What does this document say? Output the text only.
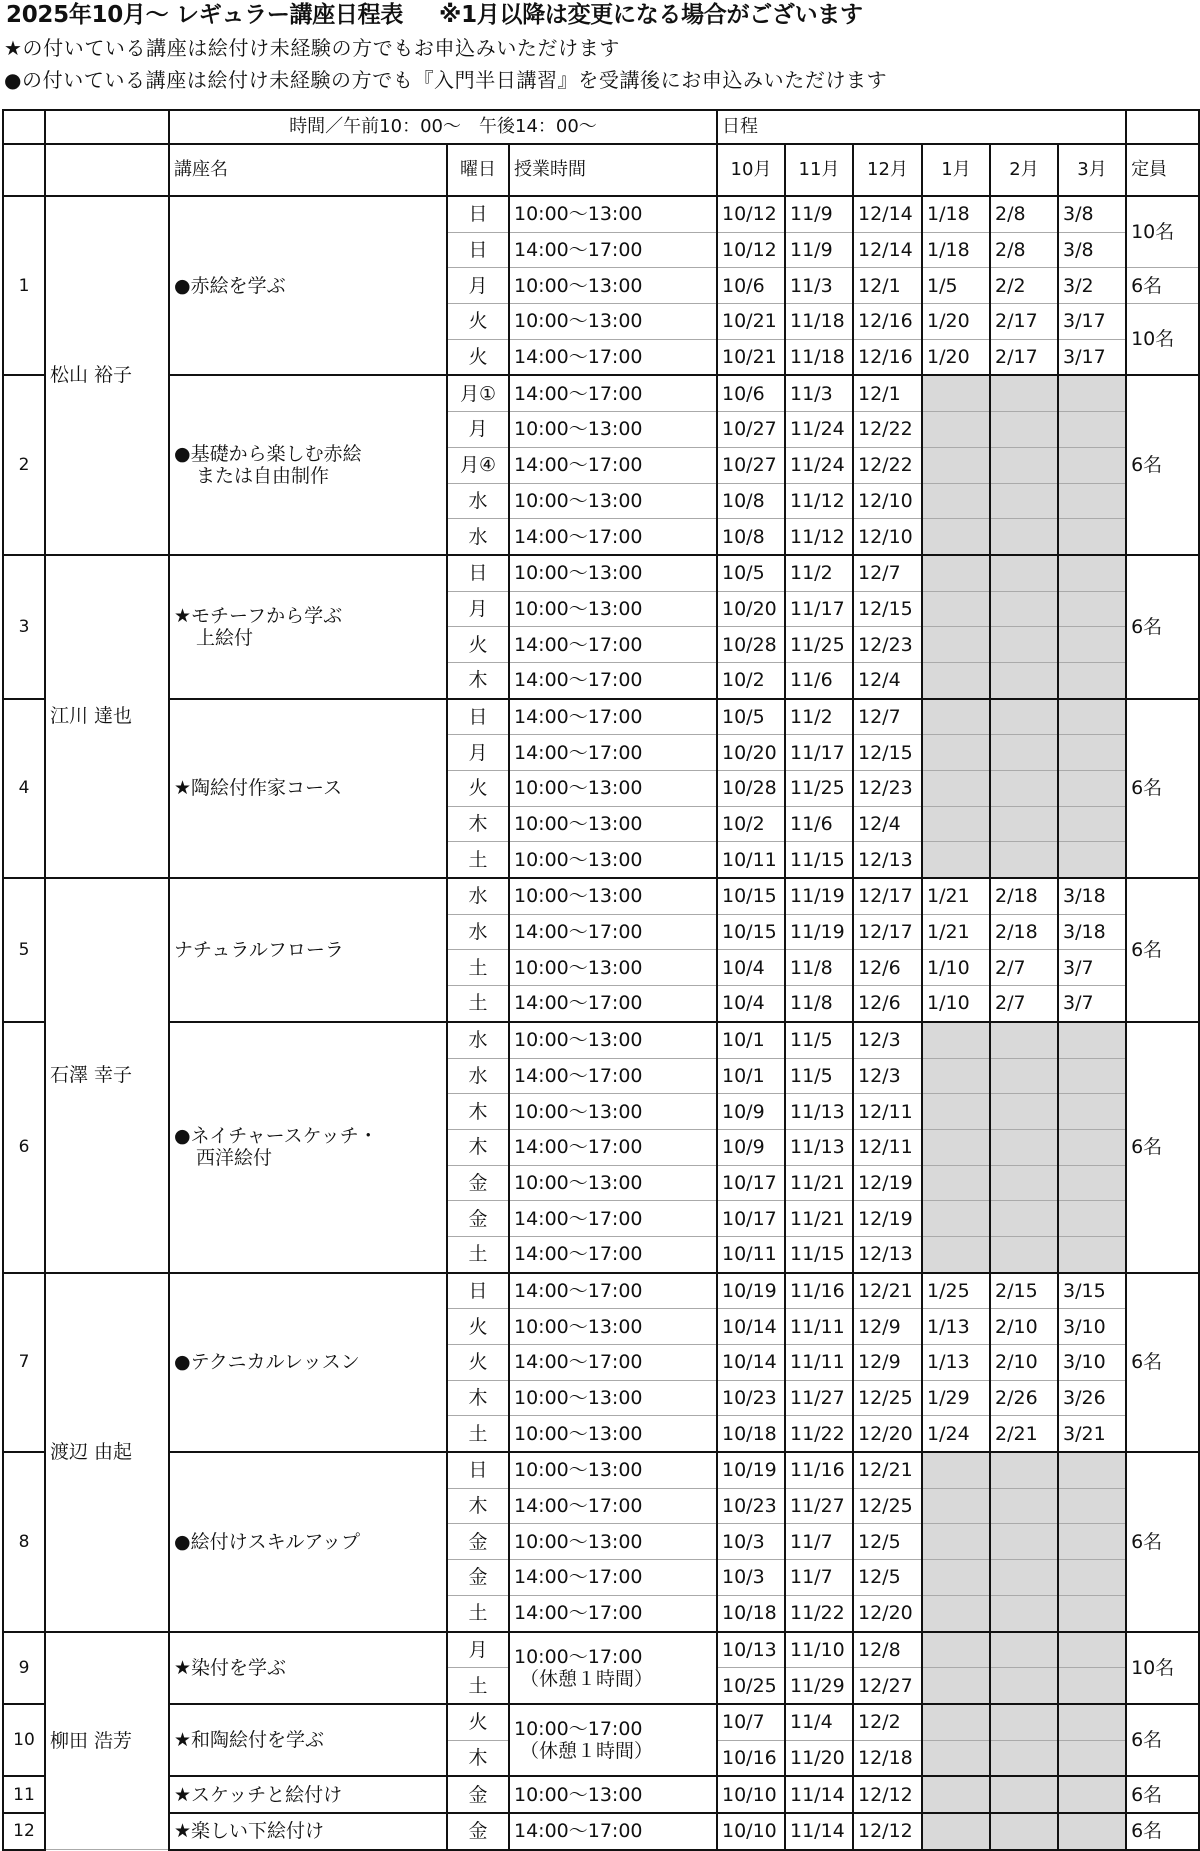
2025年10月～ レギュラー講座日程表 ※1月以降は変更になる場合がございます
★の付いている講座は絵付け未経験の方でもお申込みいただけます
●の付いている講座は絵付け未経験の方でも『入門半日講習』を受講後にお申込みいただけます
		時間／午前10：00～　午後14：00～			日程						
		講座名	曜日	授業時間	10月	11月	12月	1月	2月	3月	定員
1	松山 裕子	●赤絵を学ぶ	日	10:00～13:00	10/12	11/9	12/14	1/18	2/8	3/8	10名
			日	14:00～17:00	10/12	11/9	12/14	1/18	2/8	3/8	
			月	10:00～13:00	10/6	11/3	12/1	1/5	2/2	3/2	6名
			火	10:00～13:00	10/21	11/18	12/16	1/20	2/17	3/17	10名
			火	14:00～17:00	10/21	11/18	12/16	1/20	2/17	3/17	
2		●基礎から楽しむ赤絵
または自由制作	月①	14:00～17:00	10/6	11/3	12/1				6名
			月	10:00～13:00	10/27	11/24	12/22				
			月④	14:00～17:00	10/27	11/24	12/22				
			水	10:00～13:00	10/8	11/12	12/10				
			水	14:00～17:00	10/8	11/12	12/10				
3	江川 達也	★モチーフから学ぶ
上絵付	日	10:00～13:00	10/5	11/2	12/7				6名
			月	10:00～13:00	10/20	11/17	12/15				
			火	14:00～17:00	10/28	11/25	12/23				
			木	14:00～17:00	10/2	11/6	12/4				
4		★陶絵付作家コース	日	14:00～17:00	10/5	11/2	12/7				6名
			月	14:00～17:00	10/20	11/17	12/15				
			火	10:00～13:00	10/28	11/25	12/23				
			木	10:00～13:00	10/2	11/6	12/4				
			土	10:00～13:00	10/11	11/15	12/13				
5	石澤 幸子	ナチュラルフローラ	水	10:00～13:00	10/15	11/19	12/17	1/21	2/18	3/18	6名
			水	14:00～17:00	10/15	11/19	12/17	1/21	2/18	3/18	
			土	10:00～13:00	10/4	11/8	12/6	1/10	2/7	3/7	
			土	14:00～17:00	10/4	11/8	12/6	1/10	2/7	3/7	
6		●ネイチャースケッチ・
西洋絵付	水	10:00～13:00	10/1	11/5	12/3				6名
			水	14:00～17:00	10/1	11/5	12/3				
			木	10:00～13:00	10/9	11/13	12/11				
			木	14:00～17:00	10/9	11/13	12/11				
			金	10:00～13:00	10/17	11/21	12/19				
			金	14:00～17:00	10/17	11/21	12/19				
			土	14:00～17:00	10/11	11/15	12/13				
7	渡辺 由起	●テクニカルレッスン	日	14:00～17:00	10/19	11/16	12/21	1/25	2/15	3/15	6名
			火	10:00～13:00	10/14	11/11	12/9	1/13	2/10	3/10	
			火	14:00～17:00	10/14	11/11	12/9	1/13	2/10	3/10	
			木	10:00～13:00	10/23	11/27	12/25	1/29	2/26	3/26	
			土	10:00～13:00	10/18	11/22	12/20	1/24	2/21	3/21	
8		●絵付けスキルアップ	日	10:00～13:00	10/19	11/16	12/21				6名
			木	14:00～17:00	10/23	11/27	12/25				
			金	10:00～13:00	10/3	11/7	12/5				
			金	14:00～17:00	10/3	11/7	12/5				
			土	14:00～17:00	10/18	11/22	12/20				
9	柳田 浩芳	★染付を学ぶ	月	10:00～17:00
（休憩１時間）	10/13	11/10	12/8				10名
			土		10/25	11/29	12/27				
10		★和陶絵付を学ぶ	火	10:00～17:00
（休憩１時間）	10/7	11/4	12/2				6名
			木		10/16	11/20	12/18				
11		★スケッチと絵付け	金	10:00～13:00	10/10	11/14	12/12				6名
12		★楽しい下絵付け	金	14:00～17:00	10/10	11/14	12/12				6名
